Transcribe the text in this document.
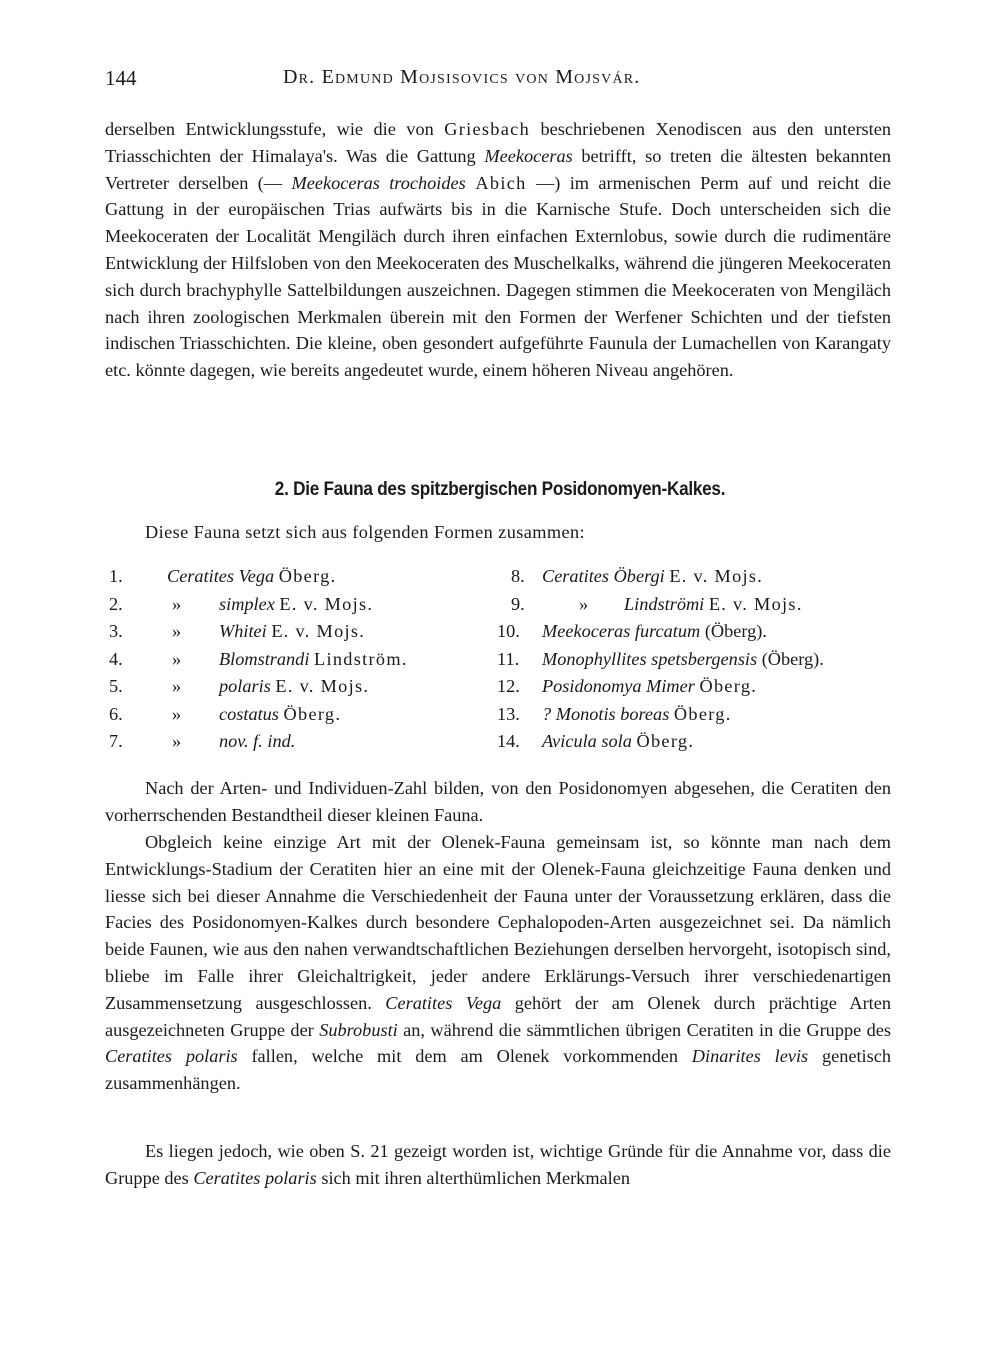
144	Dr. Edmund Mojsisovics von Mojsvár.
derselben Entwicklungsstufe, wie die von Griesbach beschriebenen Xenodiscen aus den untersten Triasschichten der Himalaya's. Was die Gattung Meekoceras betrifft, so treten die ältesten bekannten Vertreter derselben (— Meekoceras trochoides Abich —) im armenischen Perm auf und reicht die Gattung in der europäischen Trias aufwärts bis in die Karnische Stufe. Doch unterscheiden sich die Meekoceraten der Localität Mengiläch durch ihren einfachen Externlobus, sowie durch die rudimentäre Entwicklung der Hilfsloben von den Meekoceraten des Muschelkalks, während die jüngeren Meekoceraten sich durch brachyphylle Sattelbildungen auszeichnen. Dagegen stimmen die Meekoceraten von Mengiläch nach ihren zoologischen Merkmalen überein mit den Formen der Werfener Schichten und der tiefsten indischen Triasschichten. Die kleine, oben gesondert aufgeführte Faunula der Lumachellen von Karangaty etc. könnte dagegen, wie bereits angedeutet wurde, einem höheren Niveau angehören.
2. Die Fauna des spitzbergischen Posidonomyen-Kalkes.
Diese Fauna setzt sich aus folgenden Formen zusammen:
1. Ceratites Vega Öberg.
2.	» simplex E. v. Mojs.
3.	» Whitei E. v. Mojs.
4.	» Blomstrandi Lindström.
5.	» polaris E. v. Mojs.
6.	» costatus Öberg.
7.	» nov. f. ind.
8. Ceratites Öbergi E. v. Mojs.
9.	» Lindströmi E. v. Mojs.
10. Meekoceras furcatum (Öberg).
11. Monophyllites spetsbergensis (Öberg).
12. Posidonomya Mimer Öberg.
13. ? Monotis boreas Öberg.
14. Avicula sola Öberg.
Nach der Arten- und Individuen-Zahl bilden, von den Posidonomyen abgesehen, die Ceratiten den vorherrschenden Bestandtheil dieser kleinen Fauna.
Obgleich keine einzige Art mit der Olenek-Fauna gemeinsam ist, so könnte man nach dem Entwicklungs-Stadium der Ceratiten hier an eine mit der Olenek-Fauna gleichzeitige Fauna denken und liesse sich bei dieser Annahme die Verschiedenheit der Fauna unter der Voraussetzung erklären, dass die Facies des Posidonomyen-Kalkes durch besondere Cephalopoden-Arten ausgezeichnet sei. Da nämlich beide Faunen, wie aus den nahen verwandtschaftlichen Beziehungen derselben hervorgeht, isotopisch sind, bliebe im Falle ihrer Gleichaltrigkeit, jeder andere Erklärungs-Versuch ihrer verschiedenartigen Zusammensetzung ausgeschlossen. Ceratites Vega gehört der am Olenek durch prächtige Arten ausgezeichneten Gruppe der Subrobusti an, während die sämmtlichen übrigen Ceratiten in die Gruppe des Ceratites polaris fallen, welche mit dem am Olenek vorkommenden Dinarites levis genetisch zusammenhängen.
Es liegen jedoch, wie oben S. 21 gezeigt worden ist, wichtige Gründe für die Annahme vor, dass die Gruppe des Ceratites polaris sich mit ihren alterthümlichen Merkmalen
